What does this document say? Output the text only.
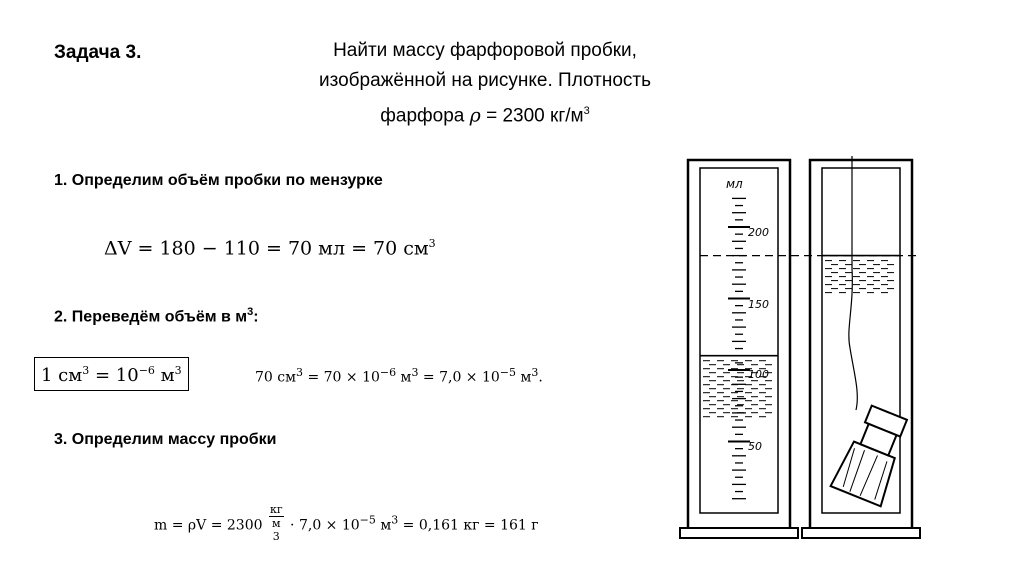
Задача 3.	Найти массу фарфоровой пробки,
изображённой на рисунке. Плотность
фарфора ρ = 2300 $кг/м^3$
1. Определим объём пробки по мензурке
ΔV = 180 − 110 = 70 мл = 70 $см^3$
2. Переведём объём в $м^3$:
1 $см^3 = 10^{-6}$ $м^3$	70 $см^3 = 70 \times 10^{-6}$ $м^3 = 7,0 \times 10^{-5}$ $м^3$.
3. Определим массу пробки
m = ρV = 2300 кг
м
$^3 \cdot 7,0 \times 10^{-5}$ $м^3 = 0,161$ кг = 161 г
мл
200
150
100
50
